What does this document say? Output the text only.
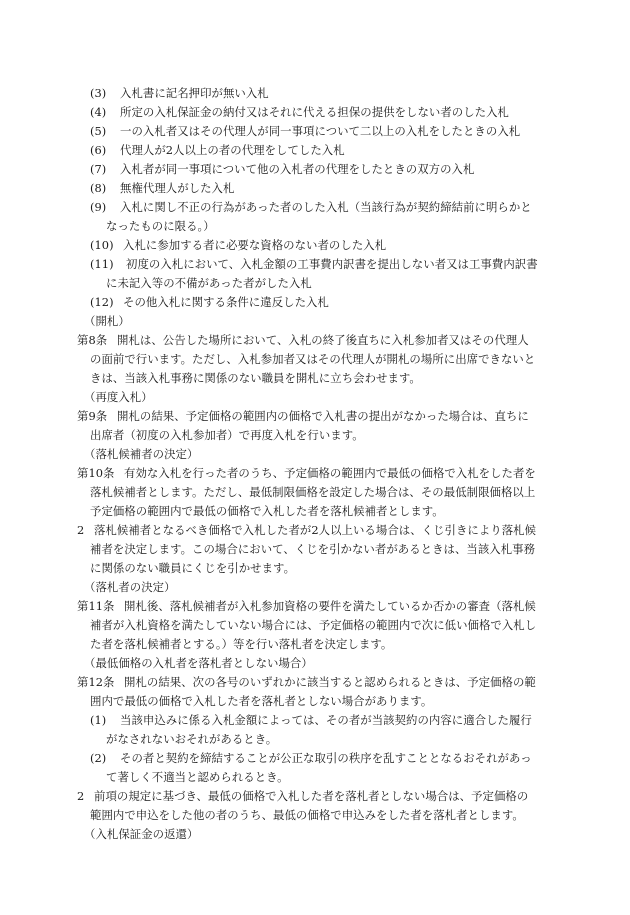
(3) 入札書に記名押印が無い入札
(4) 所定の入札保証金の納付又はそれに代える担保の提供をしない者のした入札
(5) 一の入札者又はその代理人が同一事項について二以上の入札をしたときの入札
(6) 代理人が2人以上の者の代理をしてした入札
(7) 入札者が同一事項について他の入札者の代理をしたときの双方の入札
(8) 無権代理人がした入札
(9) 入札に関し不正の行為があった者のした入札（当該行為が契約締結前に明らかと
なったものに限る。）
(10) 入札に参加する者に必要な資格のない者のした入札
(11) 初度の入札において、入札金額の工事費内訳書を提出しない者又は工事費内訳書
に未記入等の不備があった者がした入札
(12) その他入札に関する条件に違反した入札
（開札）
第8条 開札は、公告した場所において、入札の終了後直ちに入札参加者又はその代理人
の面前で行います。ただし、入札参加者又はその代理人が開札の場所に出席できないと
きは、当該入札事務に関係のない職員を開札に立ち会わせます。
（再度入札）
第9条 開札の結果、予定価格の範囲内の価格で入札書の提出がなかった場合は、直ちに
出席者（初度の入札参加者）で再度入札を行います。
（落札候補者の決定）
第10条 有効な入札を行った者のうち、予定価格の範囲内で最低の価格で入札をした者を
落札候補者とします。ただし、最低制限価格を設定した場合は、その最低制限価格以上
予定価格の範囲内で最低の価格で入札した者を落札候補者とします。
2 落札候補者となるべき価格で入札した者が2人以上いる場合は、くじ引きにより落札候
補者を決定します。この場合において、くじを引かない者があるときは、当該入札事務
に関係のない職員にくじを引かせます。
（落札者の決定）
第11条 開札後、落札候補者が入札参加資格の要件を満たしているか否かの審査（落札候
補者が入札資格を満たしていない場合には、予定価格の範囲内で次に低い価格で入札し
た者を落札候補者とする。）等を行い落札者を決定します。
（最低価格の入札者を落札者としない場合）
第12条 開札の結果、次の各号のいずれかに該当すると認められるときは、予定価格の範
囲内で最低の価格で入札した者を落札者としない場合があります。
(1) 当該申込みに係る入札金額によっては、その者が当該契約の内容に適合した履行
がなされないおそれがあるとき。
(2) その者と契約を締結することが公正な取引の秩序を乱すこととなるおそれがあっ
て著しく不適当と認められるとき。
2 前項の規定に基づき、最低の価格で入札した者を落札者としない場合は、予定価格の
範囲内で申込をした他の者のうち、最低の価格で申込みをした者を落札者とします。
（入札保証金の返還）
